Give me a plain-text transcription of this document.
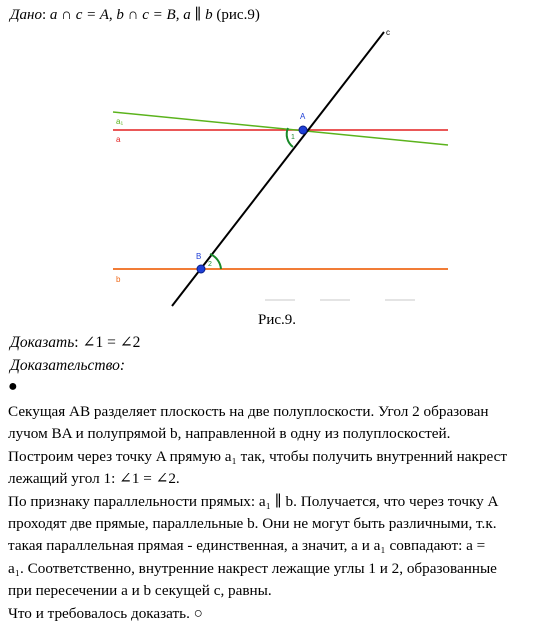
Дано: a ∩ c = A, b ∩ c = B, a ∥ b (рис.9)
c
a₁
a
A
1
B
2
b
Рис.9.
Доказать: ∠1 = ∠2
Доказательство:
●

Секущая AB разделяет плоскость на две полуплоскости. Угол 2 образован

лучом BA и полупрямой b, направленной в одну из полуплоскостей.

Построим через точку A прямую a₁ так, чтобы получить внутренний накрест

лежащий угол 1: ∠1 = ∠2.

По признаку параллельности прямых: a₁ ∥ b. Получается, что через точку A

проходят две прямые, параллельные b. Они не могут быть различными, т.к.

такая параллельная прямая - единственная, а значит, a и a₁ совпадают: a =

a₁. Соответственно, внутренние накрест лежащие углы 1 и 2, образованные

при пересечении a и b секущей c, равны.

Что и требовалось доказать. ○
